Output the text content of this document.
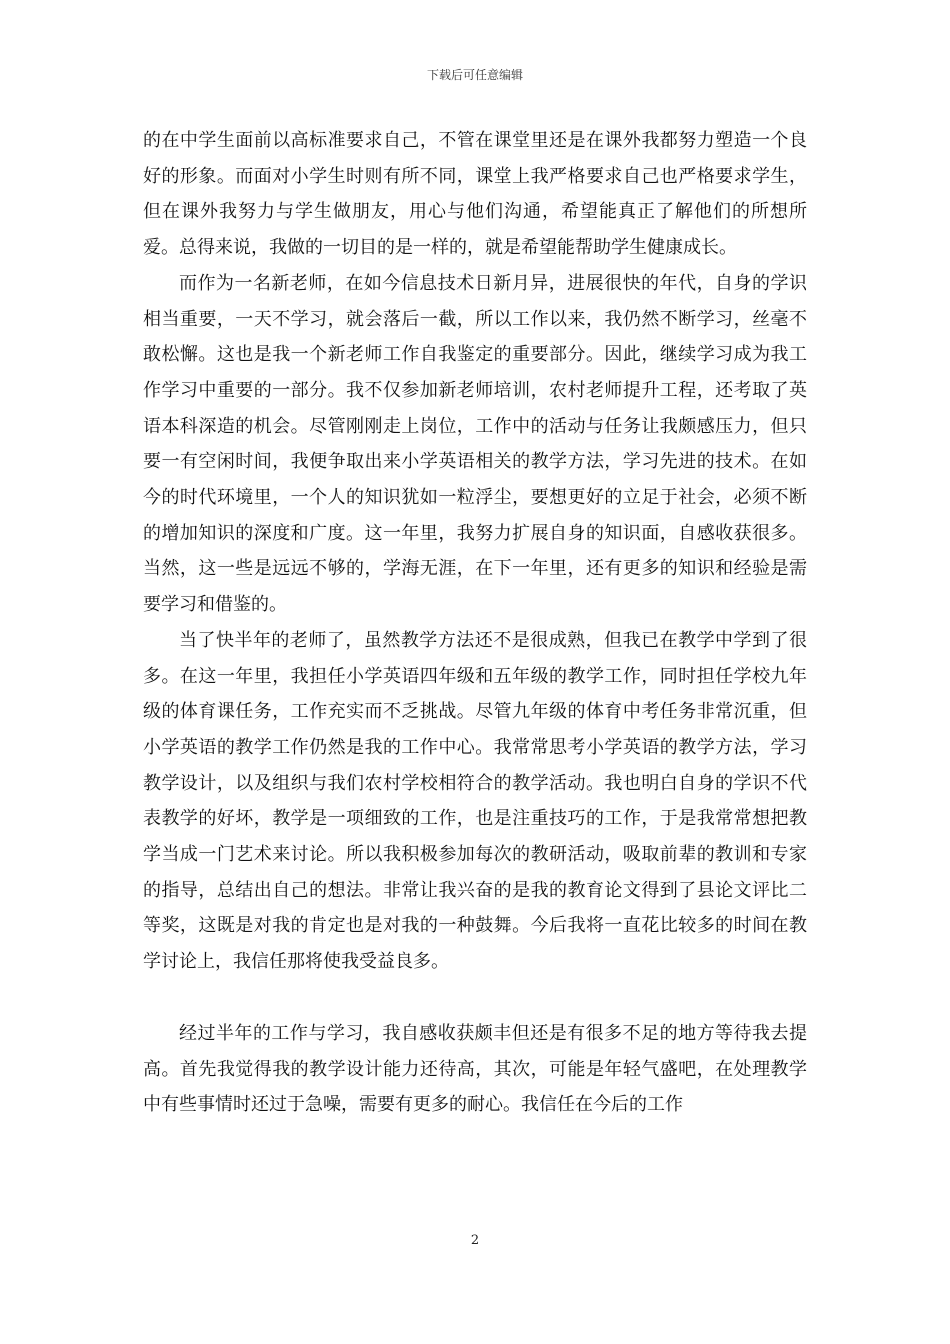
下载后可任意编辑

的在中学生面前以高标准要求自己，不管在课堂里还是在课外我都努力塑造一个良好的形象。而面对小学生时则有所不同，课堂上我严格要求自己也严格要求学生，但在课外我努力与学生做朋友，用心与他们沟通，希望能真正了解他们的所想所爱。总得来说，我做的一切目的是一样的，就是希望能帮助学生健康成长。

而作为一名新老师，在如今信息技术日新月异，进展很快的年代，自身的学识相当重要，一天不学习，就会落后一截，所以工作以来，我仍然不断学习，丝毫不敢松懈。这也是我一个新老师工作自我鉴定的重要部分。因此，继续学习成为我工作学习中重要的一部分。我不仅参加新老师培训，农村老师提升工程，还考取了英语本科深造的机会。尽管刚刚走上岗位，工作中的活动与任务让我颇感压力，但只要一有空闲时间，我便争取出来小学英语相关的教学方法，学习先进的技术。在如今的时代环境里，一个人的知识犹如一粒浮尘，要想更好的立足于社会，必须不断的增加知识的深度和广度。这一年里，我努力扩展自身的知识面，自感收获很多。当然，这一些是远远不够的，学海无涯，在下一年里，还有更多的知识和经验是需要学习和借鉴的。

当了快半年的老师了，虽然教学方法还不是很成熟，但我已在教学中学到了很多。在这一年里，我担任小学英语四年级和五年级的教学工作，同时担任学校九年级的体育课任务，工作充实而不乏挑战。尽管九年级的体育中考任务非常沉重，但小学英语的教学工作仍然是我的工作中心。我常常思考小学英语的教学方法，学习教学设计，以及组织与我们农村学校相符合的教学活动。我也明白自身的学识不代表教学的好坏，教学是一项细致的工作，也是注重技巧的工作，于是我常常想把教学当成一门艺术来讨论。所以我积极参加每次的教研活动，吸取前辈的教训和专家的指导，总结出自己的想法。非常让我兴奋的是我的教育论文得到了县论文评比二等奖，这既是对我的肯定也是对我的一种鼓舞。今后我将一直花比较多的时间在教学讨论上，我信任那将使我受益良多。

经过半年的工作与学习，我自感收获颇丰但还是有很多不足的地方等待我去提高。首先我觉得我的教学设计能力还待高，其次，可能是年轻气盛吧，在处理教学中有些事情时还过于急噪，需要有更多的耐心。我信任在今后的工作

2
